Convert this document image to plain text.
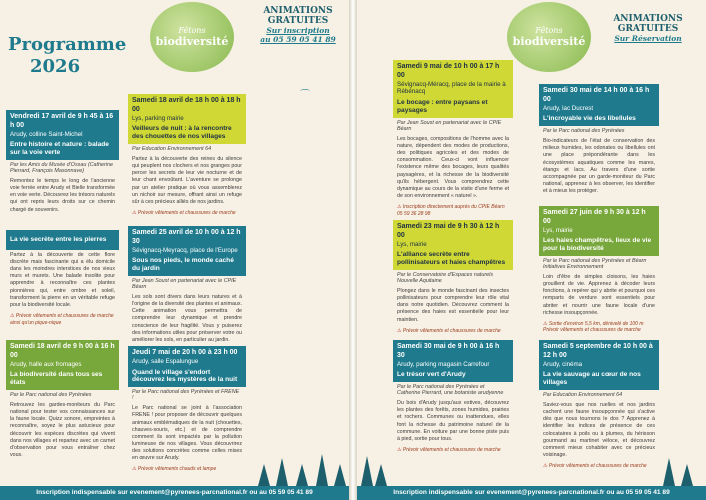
Programme
2026
Fêtons
biodiversité
ANIMATIONS
GRATUITES
Sur inscription
au 05 59 05 41 89
⌒
Vendredi 17 avril de 9 h 45 à 16 h 00
Arudy, colline Saint-Michel
Entre histoire et nature : balade sur la voie verte
Par les Amis du Musée d'Ossau (Catherine Pierrard, François Masonnave)
Remontez le temps le long de l'ancienne voie ferrée entre Arudy et Bielle transformée en voie verte. Découvrez les trésors naturels qui ont repris leurs droits sur ce chemin chargé de souvenirs.
La vie secrète entre les pierres
Partez à la découverte de cette flore discrète mais fascinante qui a élu domicile dans les moindres interstices de nos vieux murs et murets. Une balade insolite pour apprendre à reconnaître ces plantes pionnières qui, entre ombre et soleil, transforment la pierre en un véritable refuge pour la biodiversité locale.
⚠ Prévoir vêtements et chaussures de marche ainsi qu'un pique-nique
Samedi 18 avril de 9 h 00 à 16 h 00
Arudy, halle aux fromages
La biodiversité dans tous ses états
Par le Parc national des Pyrénées
Retrouvez les gardes-moniteurs du Parc national pour tester vos connaissances sur la faune locale. Quizz sonore, empreintes à reconnaître, soyez le plus astucieux pour découvrir les espèces discrètes qui vivent dans nos villages et repartez avec un carnet d'observation pour vous entraîner chez vous.
Samedi 18 avril de 18 h 00 à 18 h 00
Lys, parking mairie
Veilleurs de nuit : à la rencontre des chouettes de nos villages
Par Education Environnement 64
Partez à la découverte des reines du silence qui peuplent nos clochers et nos granges pour percer les secrets de leur vie nocturne et de leur chant envoûtant. L'aventure se prolonge par un atelier pratique où vous assemblerez un nichoir sur mesure, offrant ainsi un refuge sûr à ces précieux alliés de nos jardins.
⚠ Prévoir vêtements et chaussures de marche
Samedi 25 avril de 10 h 00 à 12 h 30
Sévignacq-Meyracq, place de l'Europe
Sous nos pieds, le monde caché du jardin
Par Jean Soust en partenariat avec le CPIE Béarn
Les sols sont divers dans leurs natures et à l'origine de la diversité des plantes et animaux. Cette animation vous permettra de comprendre leur dynamique et prendre conscience de leur fragilité. Vous y puiserez des informations utiles pour préserver votre ou améliorer les sols, en particulier au jardin.
Jeudi 7 mai de 20 h 00 à 23 h 00
Arudy, salle Espalungue
Quand le village s'endort découvrez les mystères de la nuit
Par le Parc national des Pyrénées et FRENE !
Le Parc national se joint à l'association FRENE ! pour proposer de découvrir quelques animaux emblématiques de la nuit (chouettes, chauves-souris, etc.) et de comprendre comment ils sont impactés par la pollution lumineuse de nos villages. Vous découvrirez des solutions concrètes comme celles mises en œuvre sur Arudy.
⚠ Prévoir vêtements chauds et lampe
Inscription indispensable sur evenement@pyrenees-parcnational.fr ou au 05 59 05 41 89
Fêtons
biodiversité
ANIMATIONS
GRATUITES
Sur Réservation
Samedi 9 mai de 10 h 00 à 17 h 00
Sévignacq-Méracq, place de la mairie à Rébénacq
Le bocage : entre paysans et paysages
Par Jean Soust en partenariat avec le CPIE Béarn
Les bocages, compositions de l'homme avec la nature, dépendent des modes de productions, des politiques agricoles et des modes de consommation. Ceux-ci vont influencer l'existence même des bocages, leurs qualités paysagères, et la richesse de la biodiversité qu'ils hébergent. Vous comprendrez cette dynamique au cours de la visite d'une ferme et de son environnement « naturel ».
⚠ Inscription directement auprès du CPIE Béarn 05 59 36 28 98
Samedi 23 mai de 9 h 30 à 12 h 00
Lys, mairie
L'alliance secrète entre pollinisateurs et haies champêtres
Par le Conservatoire d'Espaces naturels Nouvelle Aquitaine
Plongez dans le monde fascinant des insectes pollinisateurs pour comprendre leur rôle vital dans notre quotidien. Découvrez comment la présence des haies est essentielle pour leur maintien.
⚠ Prévoir vêtements et chaussures de marche
Samedi 30 mai de 9 h 00 à 16 h 30
Arudy, parking magasin Carrefour
Le trésor vert d'Arudy
Par le Parc national des Pyrénées et Catherine Pierrard, une botaniste arudyenne
Du bois d'Arudy jusqu'aux estives, découvrez les plantes des forêts, zones humides, prairies et rochers. Communes ou inattendues, elles font la richesse du patrimoine naturel de la commune. En voiture par une bonne piste puis à pied, sortie pour tous.
⚠ Prévoir vêtements et chaussures de marche
Samedi 30 mai de 14 h 00 à 16 h 00
Arudy, lac Ducrest
L'incroyable vie des libellules
Par le Parc national des Pyrénées
Bio-indicateurs de l'état de conservation des milieux humides, les odonates ou libellules ont une place prépondérante dans les écosystèmes aquatiques comme les mares, étangs et lacs. Au travers d'une sortie accompagnée par un garde-moniteur du Parc national, apprenez à les observer, les identifier et à mieux les protéger.
Samedi 27 juin de 9 h 30 à 12 h 00
Lys, mairie
Les haies champêtres, lieux de vie pour la biodiversité
Par le Parc national des Pyrénées et Béarn Initiatives Environnement
Loin d'être de simples cloisons, les haies grouillent de vie. Apprenez à décoder leurs fonctions, à repérer qui y abrite et pourquoi ces remparts de verdure sont essentiels pour abriter et nourrir une faune locale d'une richesse insoupçonnée.
⚠ Sortie d'environ 5,5 km, dénivelé de 100 m Prévoir vêtements et chaussures de marche
Samedi 5 septembre de 10 h 00 à 12 h 00
Arudy, cinéma
La vie sauvage au cœur de nos villages
Par Education Environnement 64
Saviez-vous que nos ruelles et nos jardins cachent une faune insoupçonnée qui s'active dès que nous tournons le dos ? Apprenez à identifier les indices de présence de ces colocataires à poils ou à plumes, du hérisson gourmand au martinet véloce, et découvrez comment mieux cohabiter avec ce précieux voisinage.
⚠ Prévoir vêtements et chaussures de marche
Inscription indispensable sur evenement@pyrenees-parcnational.fr ou au 05 59 05 41 89
